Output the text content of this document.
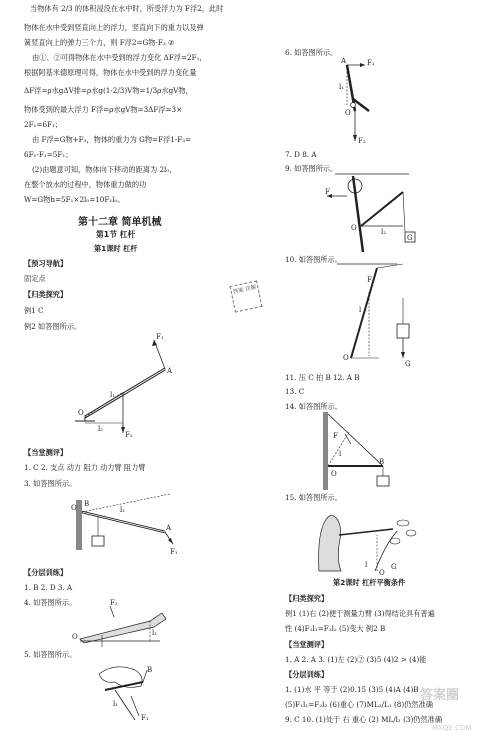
当物体有 2/3 的体积浸没在水中时，所受浮力为 F浮2，此时
物体在水中受到竖直向上的浮力，竖直向下的重力以及弹
簧竖直向上的弹力三个力，则 F浮2=G物-F₂ ②
由①、②可得物体在水中受到的浮力变化 ΔF浮=2F₁，
根据阿基米德原理可得，物体在水中受到的浮力变化量
ΔF浮=ρ水gΔV排=ρ水g(1-2/3)V物=1/3ρ水gV物，
物体受到的最大浮力 F浮=ρ水gV物=3ΔF浮=3×
2F₁=6F₁；
由 F浮=G物+F₃，物体的重力为 G物=F浮1-F₃=
6F₁-F₁=5F₁；
(2)由题意可知，物体向下移动的距离为 2l₀，
在整个放水的过程中，物体重力做的功
W=G物h=5F₁×2l₀=10F₁l₀。
第十二章 简单机械
第1节 杠杆
第1课时 杠杆
【预习导航】
固定点
【归类探究】
例1 C
例2 如答图所示。
O
A
F₁
F₂
l₁
l₂
【当堂测评】
1. C 2. 支点 动力 阻力 动力臂 阻力臂
3. 如答图所示。
O B
l₁
A
F₁
【分层训练】
1. B 2. D 3. A
4. 如答图所示。
O
F₂
l₁
5. 如答图所示。
B
l₁
F₁
答案 详解
6. 如答图所示。
A	F₁
l₁
O
F₂
7. D 8. A
9. 如答图所示。
F
O	l₂
G
10. 如答图所示。
F
l
O
G
11. 压 C 拍 B 12. A B
13. C
14. 如答图所示。
F
l
O
B
15. 如答图所示。
l
O
G
第2课时 杠杆平衡条件
【归类探究】
例1 (1)右 (2)便于测量力臂 (3)得结论具有普遍
性 (4)F₁l₁=F₂l₂ (5)变大 例2 B
【当堂测评】
1. A 2. A 3. (1)左 (2)② (3)5 (4)2 > (4)能
【分层训练】
1. (1)水 平 等于 (2)0.15 (3)5 (4)A (4)B
(5)F₁l₁=F₂l₂ (6)重心 (7)ML₂/L₁ (8)仍然准确
9. C 10. (1)处于 右 重心 (2) ML/l₁ (3)仍然准确
答案圈
MXQE.COM
